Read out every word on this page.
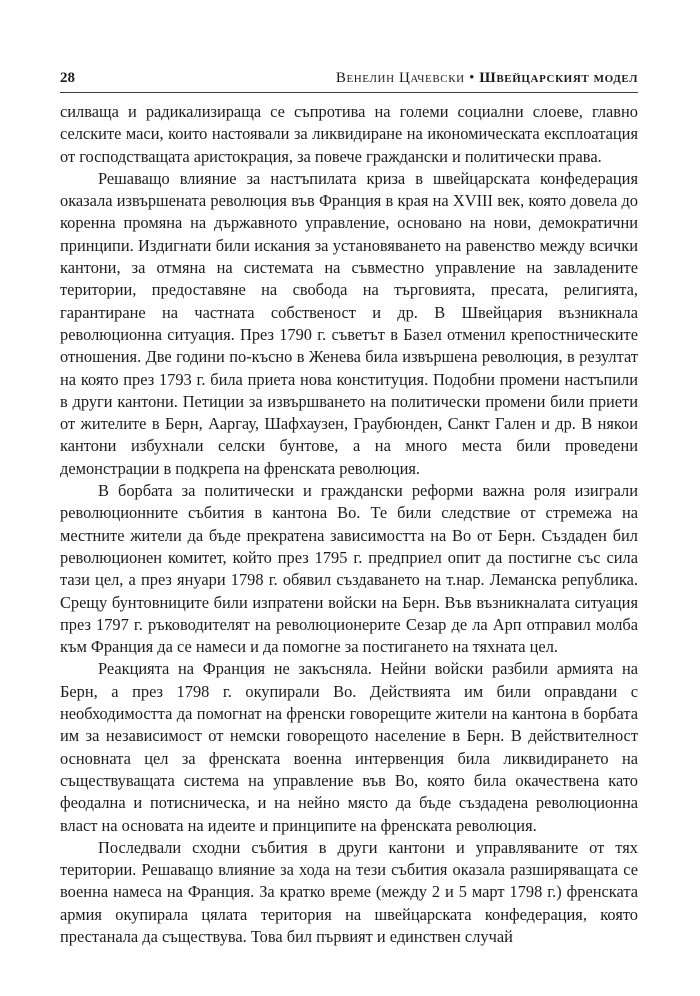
28	Венелин Цачевски • Швейцарският модел

силваща и радикализираща се съпротива на големи социални слоеве, главно селските маси, които настоявали за ликвидиране на икономическата експлоатация от господстващата аристокрация, за повече граждански и политически права.

Решаващо влияние за настъпилата криза в швейцарската конфедерация оказала извършената революция във Франция в края на XVIII век, която довела до коренна промяна на държавното управление, основано на нови, демократични принципи. Издигнати били искания за установяването на равенство между всички кантони, за отмяна на системата на съвместно управление на завладените територии, предоставяне на свобода на търговията, пресата, религията, гарантиране на частната собственост и др. В Швейцария възникнала революционна ситуация. През 1790 г. съветът в Базел отменил крепостническите отношения. Две години по-късно в Женева била извършена революция, в резултат на която през 1793 г. била приета нова конституция. Подобни промени настъпили в други кантони. Петиции за извършването на политически промени били приети от жителите в Берн, Ааргау, Шафхаузен, Граубюнден, Санкт Гален и др. В някои кантони избухнали селски бунтове, а на много места били проведени демонстрации в подкрепа на френската революция.

В борбата за политически и граждански реформи важна роля изиграли революционните събития в кантона Во. Те били следствие от стремежа на местните жители да бъде прекратена зависимостта на Во от Берн. Създаден бил революционен комитет, който през 1795 г. предприел опит да постигне със сила тази цел, а през януари 1798 г. обявил създаването на т.нар. Леманска република. Срещу бунтовниците били изпратени войски на Берн. Във възникналата ситуация през 1797 г. ръководителят на революционерите Сезар де ла Арп отправил молба към Франция да се намеси и да помогне за постигането на тяхната цел.

Реакцията на Франция не закъсняла. Нейни войски разбили армията на Берн, а през 1798 г. окупирали Во. Действията им били оправдани с необходимостта да помогнат на френски говорещите жители на кантона в борбата им за независимост от немски говорещото население в Берн. В действителност основната цел за френската военна интервенция била ликвидирането на съществуващата система на управление във Во, която била окачествена като феодална и потисническа, и на нейно място да бъде създадена революционна власт на основата на идеите и принципите на френската революция.

Последвали сходни събития в други кантони и управляваните от тях територии. Решаващо влияние за хода на тези събития оказала разширяващата се военна намеса на Франция. За кратко време (между 2 и 5 март 1798 г.) френската армия окупирала цялата територия на швейцарската конфедерация, която престанала да съществува. Това бил първият и единствен случай
